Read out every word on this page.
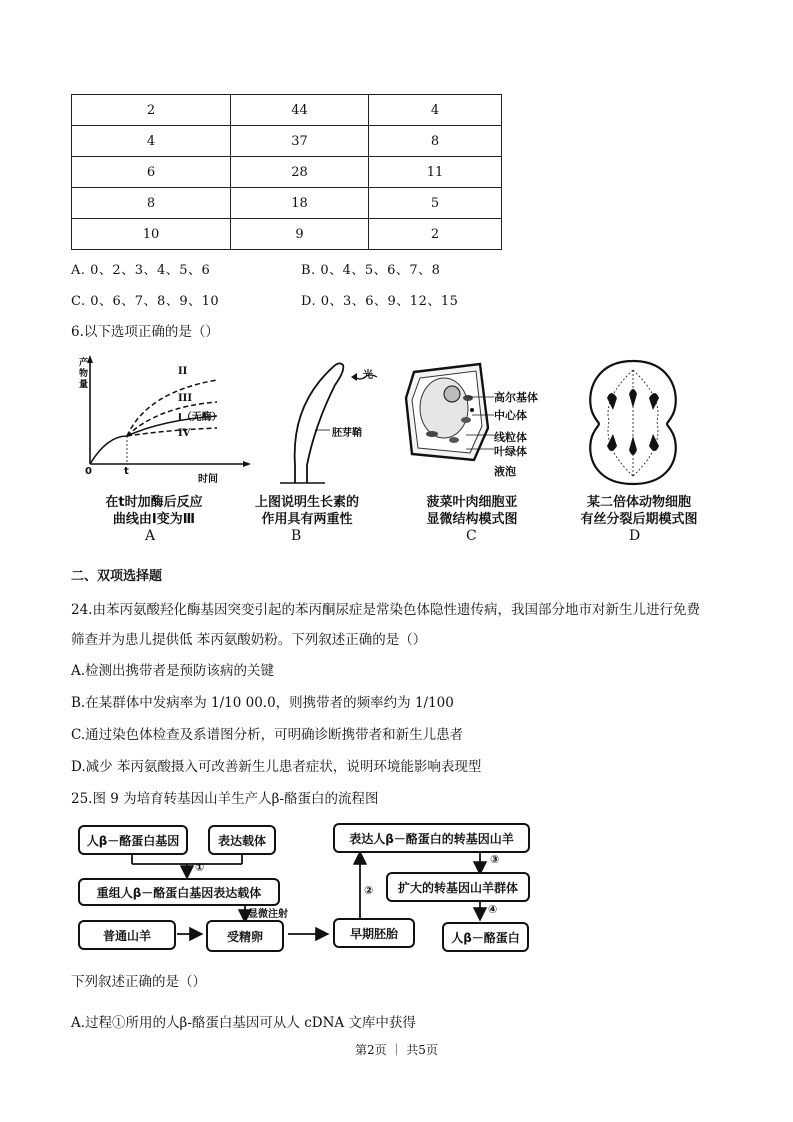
2	44	4
4	37	8
6	28	11
8	18	5
10	9	2
A. 0、2、3、4、5、6	B. 0、4、5、6、7、8
C. 0、6、7、8、9、10	D. 0、3、6、9、12、15
6.以下选项正确的是（）
产物量
II
III
I（无酶）
IV
0	t
时间
在t时加酶后反应
曲线由Ⅰ变为Ⅲ
A
光
胚芽鞘
上图说明生长素的
作用具有两重性
B
高尔基体
中心体
线粒体
叶绿体
液泡
菠菜叶肉细胞亚
显微结构模式图
C
某二倍体动物细胞
有丝分裂后期模式图
D
二、双项选择题
24.由苯丙氨酸羟化酶基因突变引起的苯丙酮尿症是常染色体隐性遗传病，我国部分地市对新生儿进行免费
筛查并为患儿提供低 苯丙氨酸奶粉。下列叙述正确的是（）
A.检测出携带者是预防该病的关键
B.在某群体中发病率为 1/10 00.0，则携带者的频率约为 1/100
C.通过染色体检查及系谱图分析，可明确诊断携带者和新生儿患者
D.减少 苯丙氨酸摄入可改善新生儿患者症状，说明环境能影响表现型
25.图 9 为培育转基因山羊生产人β-酪蛋白的流程图
人β－酪蛋白基因	表达载体
①
重组人β－酪蛋白基因表达载体
显微注射
普通山羊	受精卵	早期胚胎
②
表达人β－酪蛋白的转基因山羊
③
扩大的转基因山羊群体
④
人β－酪蛋白
下列叙述正确的是（）
A.过程①所用的人β-酪蛋白基因可从人 cDNA 文库中获得
第2页 ｜ 共5页
